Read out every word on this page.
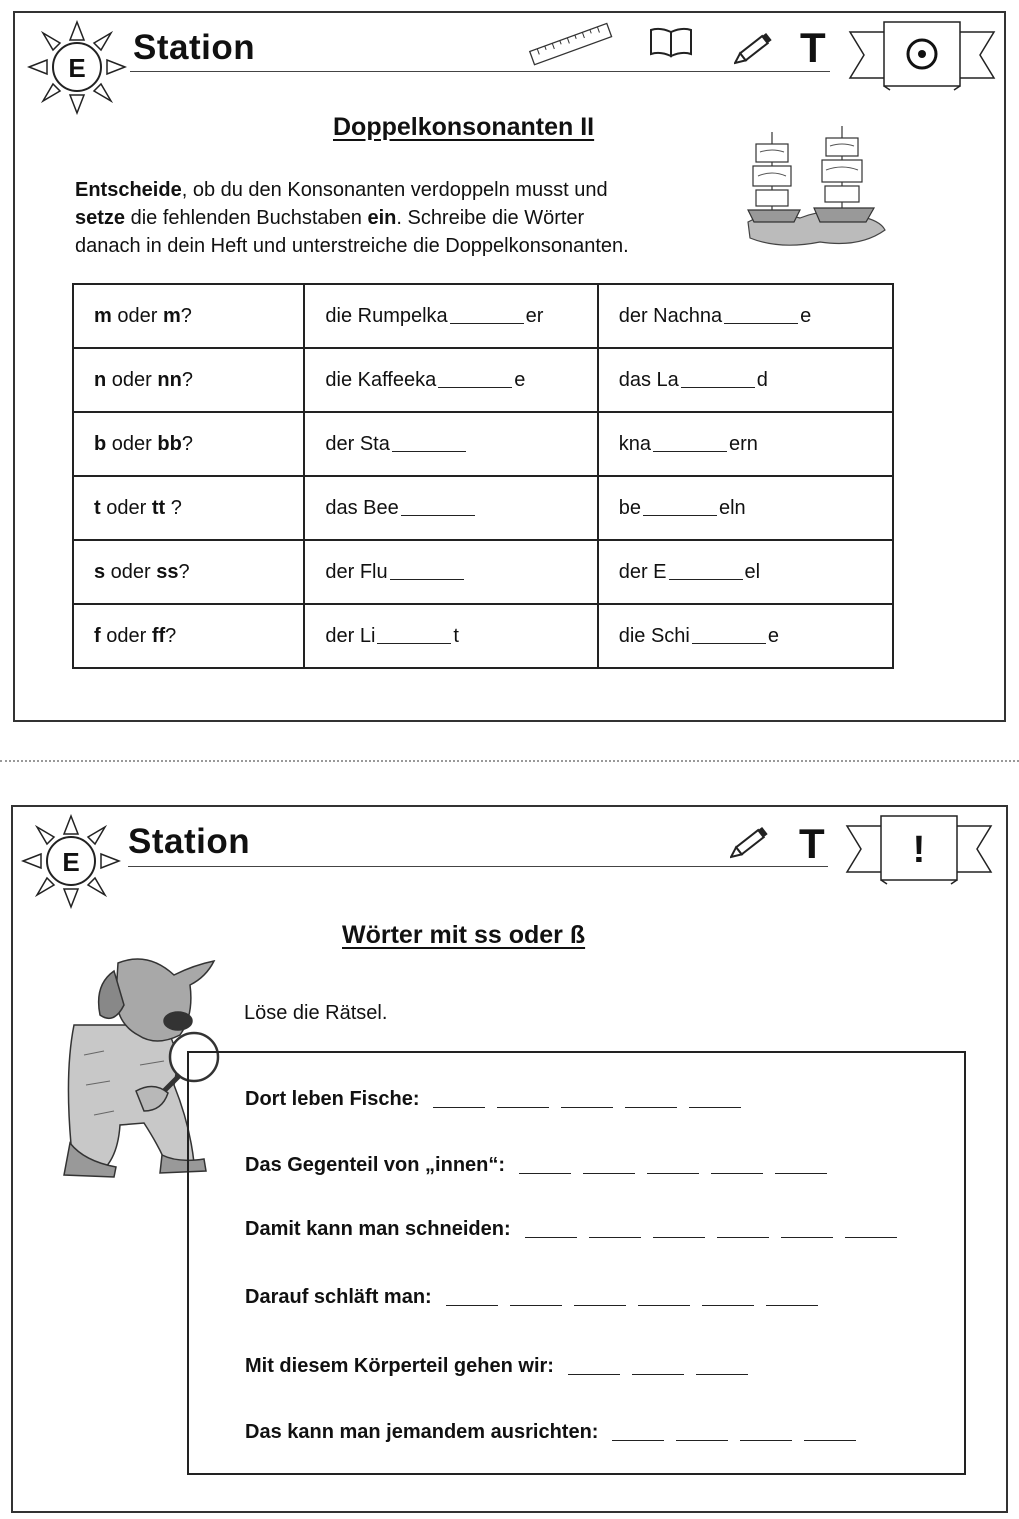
E
Station	T
Doppelkonsonanten II
Entscheide, ob du den Konsonanten verdoppeln musst und
setze die fehlenden Buchstaben ein. Schreibe die Wörter
danach in dein Heft und unterstreiche die Doppelkonsonanten.
m oder m?	die Rumpelka er	der Nachna e
n oder nn?	die Kaffeeka e	das La d
b oder bb?	der Sta	kna ern
t oder tt ?	das Bee	be eln
s oder ss?	der Flu	der E el
f oder ff?	der Li t	die Schi e
E
Station	T !
Wörter mit ss oder ß
Löse die Rätsel.
Dort leben Fische:
Das Gegenteil von „innen“:
Damit kann man schneiden:
Darauf schläft man:
Mit diesem Körperteil gehen wir:
Das kann man jemandem ausrichten:
